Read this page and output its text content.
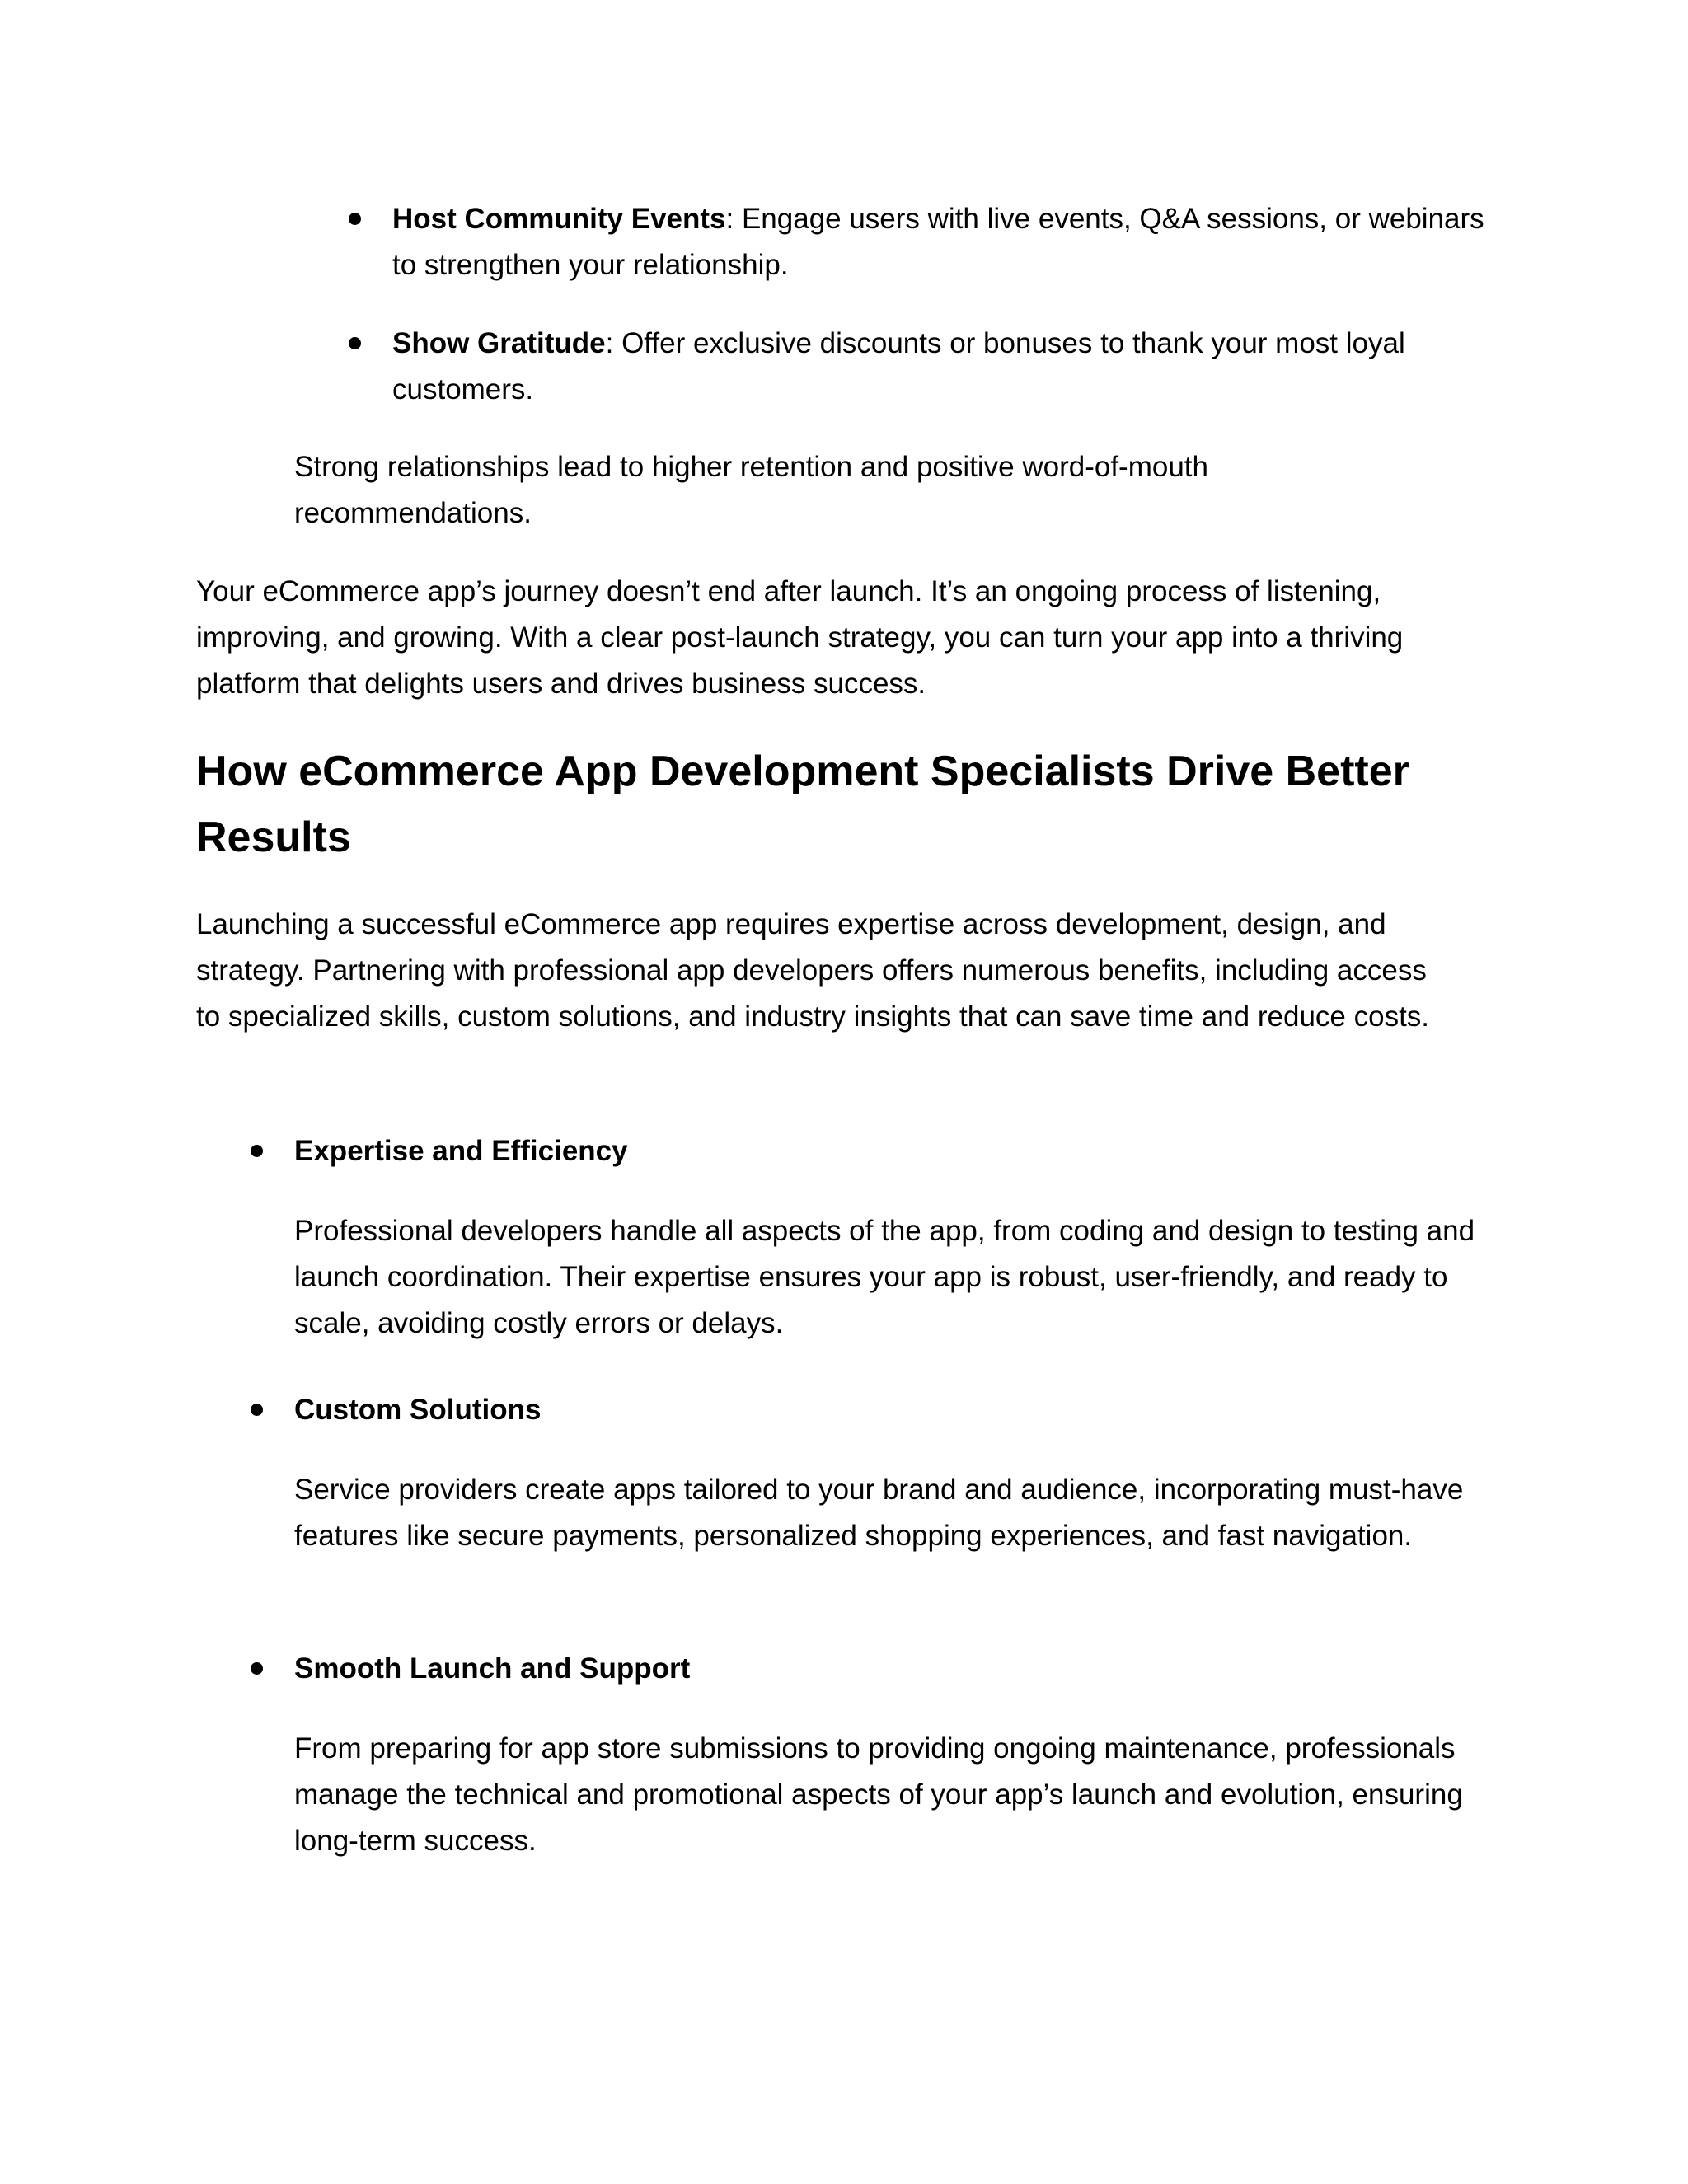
Host Community Events: Engage users with live events, Q&A sessions, or webinars to strengthen your relationship.

Show Gratitude: Offer exclusive discounts or bonuses to thank your most loyal customers.

Strong relationships lead to higher retention and positive word-of-mouth recommendations.

Your eCommerce app’s journey doesn’t end after launch. It’s an ongoing process of listening, improving, and growing. With a clear post-launch strategy, you can turn your app into a thriving platform that delights users and drives business success.

How eCommerce App Development Specialists Drive Better Results

Launching a successful eCommerce app requires expertise across development, design, and strategy. Partnering with professional app developers offers numerous benefits, including access to specialized skills, custom solutions, and industry insights that can save time and reduce costs.

Expertise and Efficiency

Professional developers handle all aspects of the app, from coding and design to testing and launch coordination. Their expertise ensures your app is robust, user-friendly, and ready to scale, avoiding costly errors or delays.

Custom Solutions

Service providers create apps tailored to your brand and audience, incorporating must-have features like secure payments, personalized shopping experiences, and fast navigation.

Smooth Launch and Support

From preparing for app store submissions to providing ongoing maintenance, professionals manage the technical and promotional aspects of your app’s launch and evolution, ensuring long-term success.
